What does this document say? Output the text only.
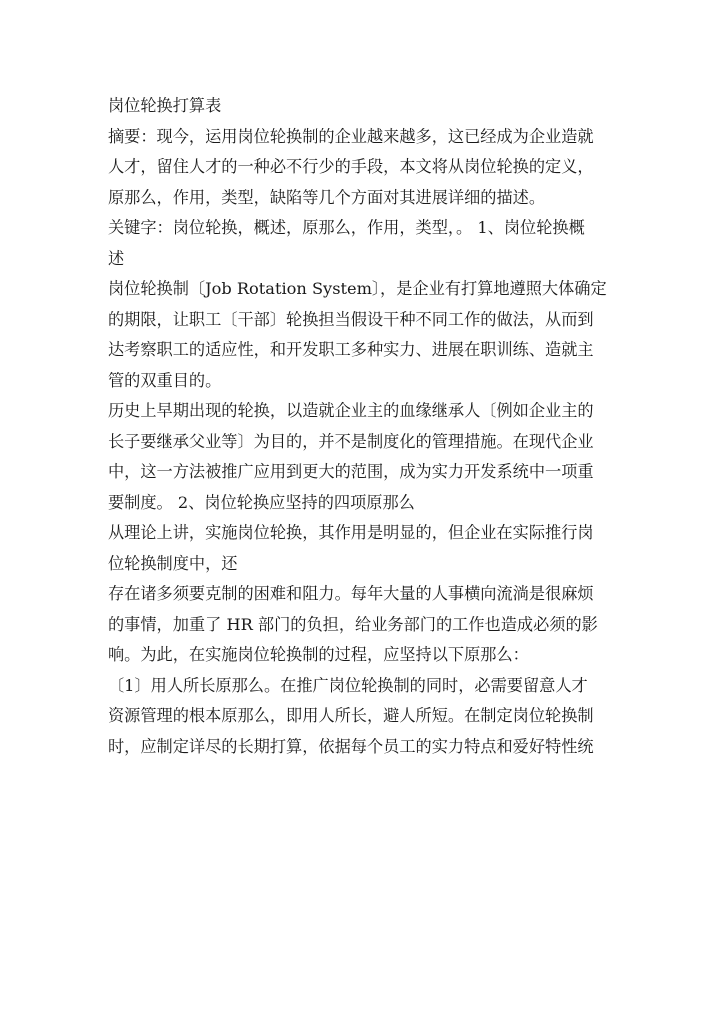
岗位轮换打算表

摘要：现今，运用岗位轮换制的企业越来越多，这已经成为企业造就
人才，留住人才的一种必不行少的手段，本文将从岗位轮换的定义，
原那么，作用，类型，缺陷等几个方面对其进展详细的描述。

关键字：岗位轮换，概述，原那么，作用，类型，。 1、岗位轮换概
述

岗位轮换制〔Job Rotation System〕，是企业有打算地遵照大体确定
的期限，让职工〔干部〕轮换担当假设干种不同工作的做法，从而到
达考察职工的适应性，和开发职工多种实力、进展在职训练、造就主
管的双重目的。

历史上早期出现的轮换，以造就企业主的血缘继承人〔例如企业主的
长子要继承父业等〕为目的，并不是制度化的管理措施。在现代企业
中，这一方法被推广应用到更大的范围，成为实力开发系统中一项重
要制度。 2、岗位轮换应坚持的四项原那么

从理论上讲，实施岗位轮换，其作用是明显的，但企业在实际推行岗
位轮换制度中，还

存在诸多须要克制的困难和阻力。每年大量的人事横向流淌是很麻烦
的事情，加重了 HR 部门的负担，给业务部门的工作也造成必须的影
响。为此，在实施岗位轮换制的过程，应坚持以下原那么：

〔1〕用人所长原那么。在推广岗位轮换制的同时，必需要留意人才
资源管理的根本原那么，即用人所长，避人所短。在制定岗位轮换制
时，应制定详尽的长期打算，依据每个员工的实力特点和爱好特性统
